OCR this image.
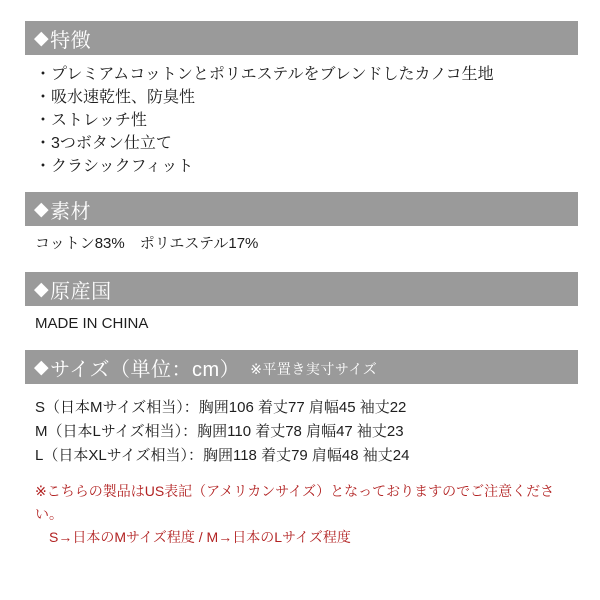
◆ 特徴
・プレミアムコットンとポリエステルをブレンドしたカノコ生地
・吸水速乾性、防臭性
・ストレッチ性
・3つボタン仕立て
・クラシックフィット
◆ 素材
コットン83%　ポリエステル17%
◆ 原産国
MADE IN CHINA
◆ サイズ（単位：cm） ※平置き実寸サイズ
S（日本Mサイズ相当）：胸囲106 着丈77 肩幅45 袖丈22
M（日本Lサイズ相当）：胸囲110 着丈78 肩幅47 袖丈23
L（日本XLサイズ相当）：胸囲118 着丈79 肩幅48 袖丈24
※こちらの製品はUS表記（アメリカンサイズ）となっておりますのでご注意ください。
S→日本のMサイズ程度 / M→日本のLサイズ程度
